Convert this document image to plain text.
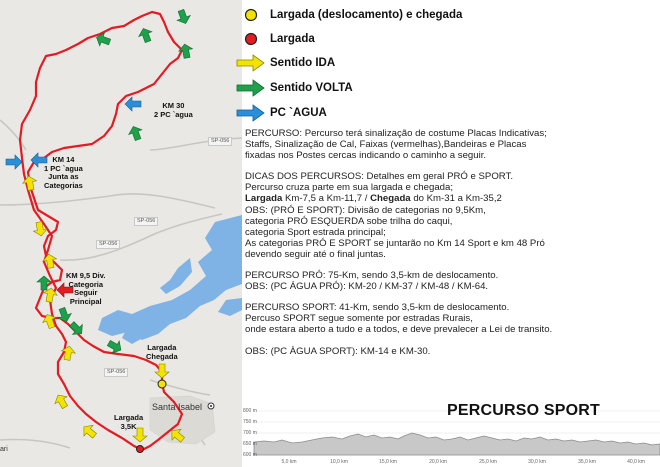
KM 30
2 PC `agua
KM 14
1 PC `agua
Junta as
Categorias
KM 9,5 Div.
Categoria
Seguir
Principal
Largada
Chegada
Largada
3,5K
SP-056
SP-056
SP-056
SP-056
Santa Isabel
ari
Largada (deslocamento) e chegada
Largada
Sentido IDA
Sentido VOLTA
PC `AGUA

PERCURSO: Percurso terá sinalização de costume Placas Indicativas;

Staffs, Sinalização de Cal, Faixas (vermelhas),Bandeiras e Placas

fixadas nos Postes cercas indicando o caminho a seguir.

DICAS DOS PERCURSOS: Detalhes em geral PRÓ e SPORT.

Percurso cruza parte em sua largada e chegada;

Largada Km-7,5 a Km-11,7 / Chegada do Km-31 a Km-35,2

OBS: (PRÓ E SPORT): Divisão de categorias no 9,5Km,

categoria PRÓ ESQUERDA sobe trilha do caqui,

categoria Sport estrada principal;

As categorias PRÓ E SPORT se juntarão no Km 14 Sport e km 48 Pró

devendo seguir até o final juntas.

PERCURSO PRÓ: 75-Km, sendo 3,5-km de deslocamento.

OBS: (PC ÁGUA PRÓ): KM-20 / KM-37 / KM-48 / KM-64.

PERCURSO SPORT: 41-Km, sendo 3,5-km de deslocamento.

Percuso SPORT segue somente por estradas Rurais,

onde estara aberto a tudo e a todos, e deve prevalecer a Lei de transito.

OBS: (PC ÀGUA SPORT): KM-14 e KM-30.

PERCURSO SPORT
800 m
750 m
700 m
650 m
600 m
5,0 km	10,0 km	15,0 km	20,0 km	25,0 km	30,0 km	35,0 km	40,0 km
